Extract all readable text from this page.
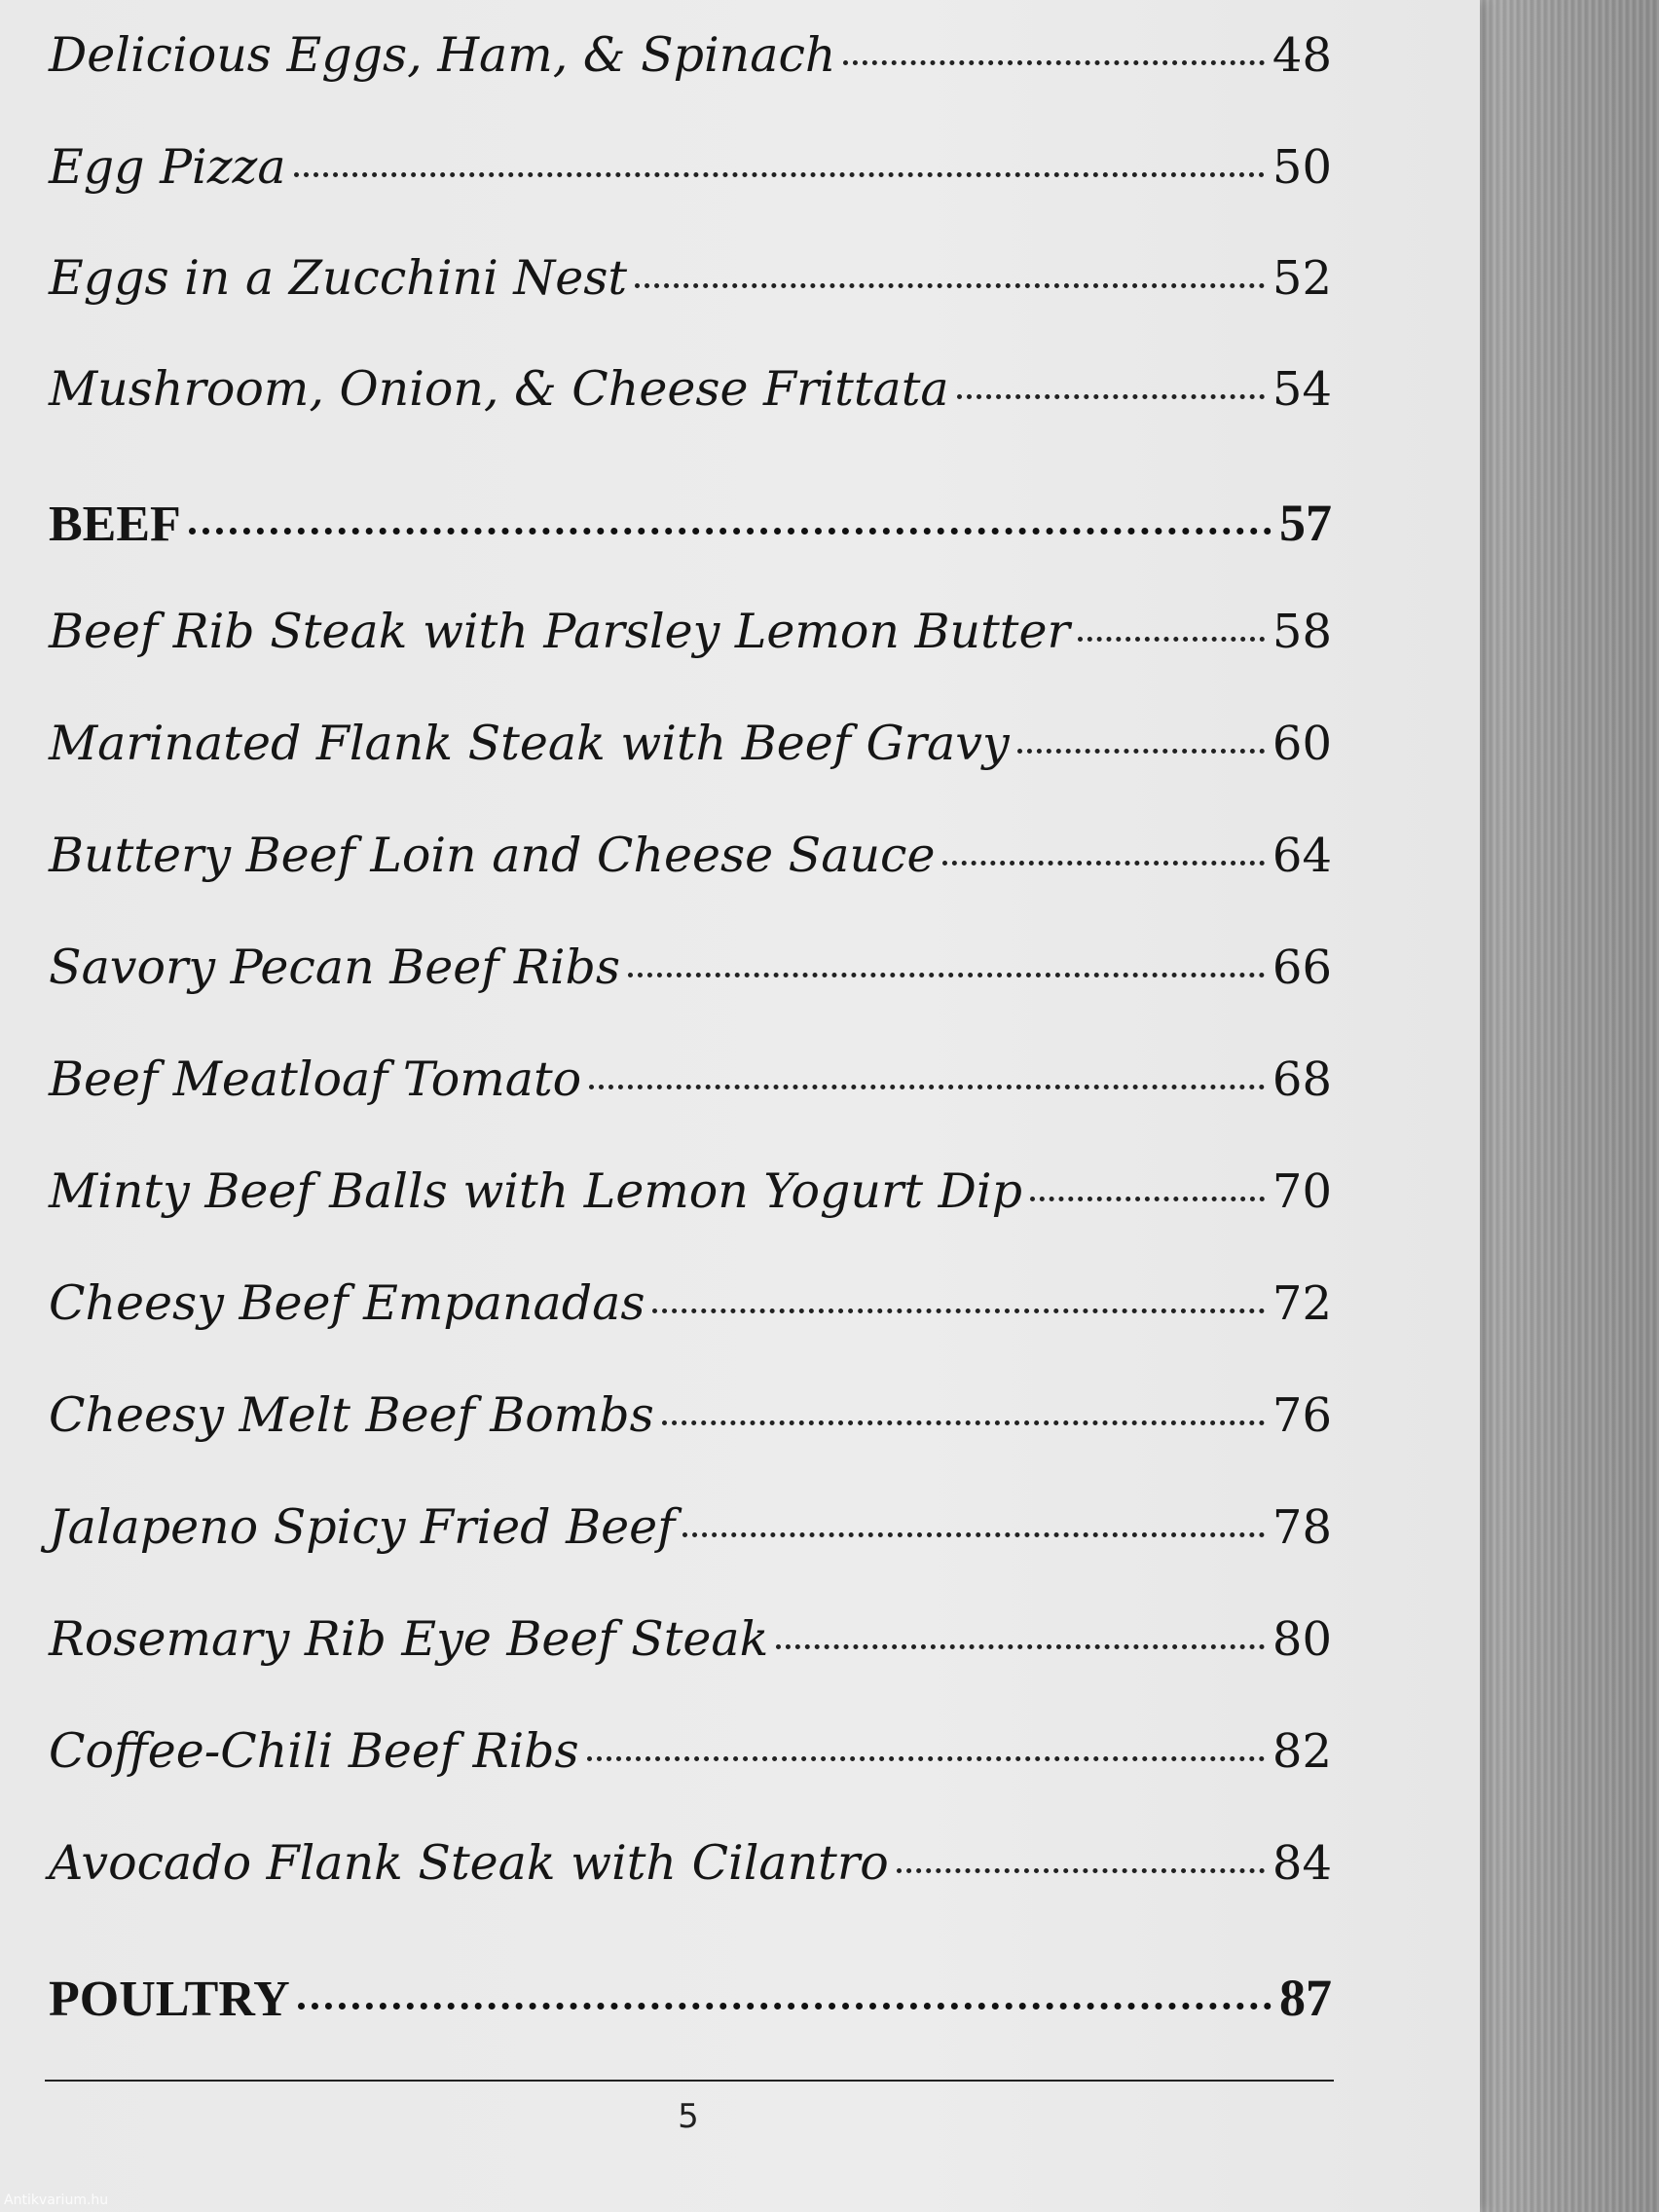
Delicious Eggs, Ham, & Spinach	48
Egg Pizza	50
Eggs in a Zucchini Nest	52
Mushroom, Onion, & Cheese Frittata	54
BEEF	57
Beef Rib Steak with Parsley Lemon Butter	58
Marinated Flank Steak with Beef Gravy	60
Buttery Beef Loin and Cheese Sauce	64
Savory Pecan Beef Ribs	66
Beef Meatloaf Tomato	68
Minty Beef Balls with Lemon Yogurt Dip	70
Cheesy Beef Empanadas	72
Cheesy Melt Beef Bombs	76
Jalapeno Spicy Fried Beef	78
Rosemary Rib Eye Beef Steak	80
Coffee-Chili Beef Ribs	82
Avocado Flank Steak with Cilantro	84
POULTRY	87
5
Antikvarium.hu
